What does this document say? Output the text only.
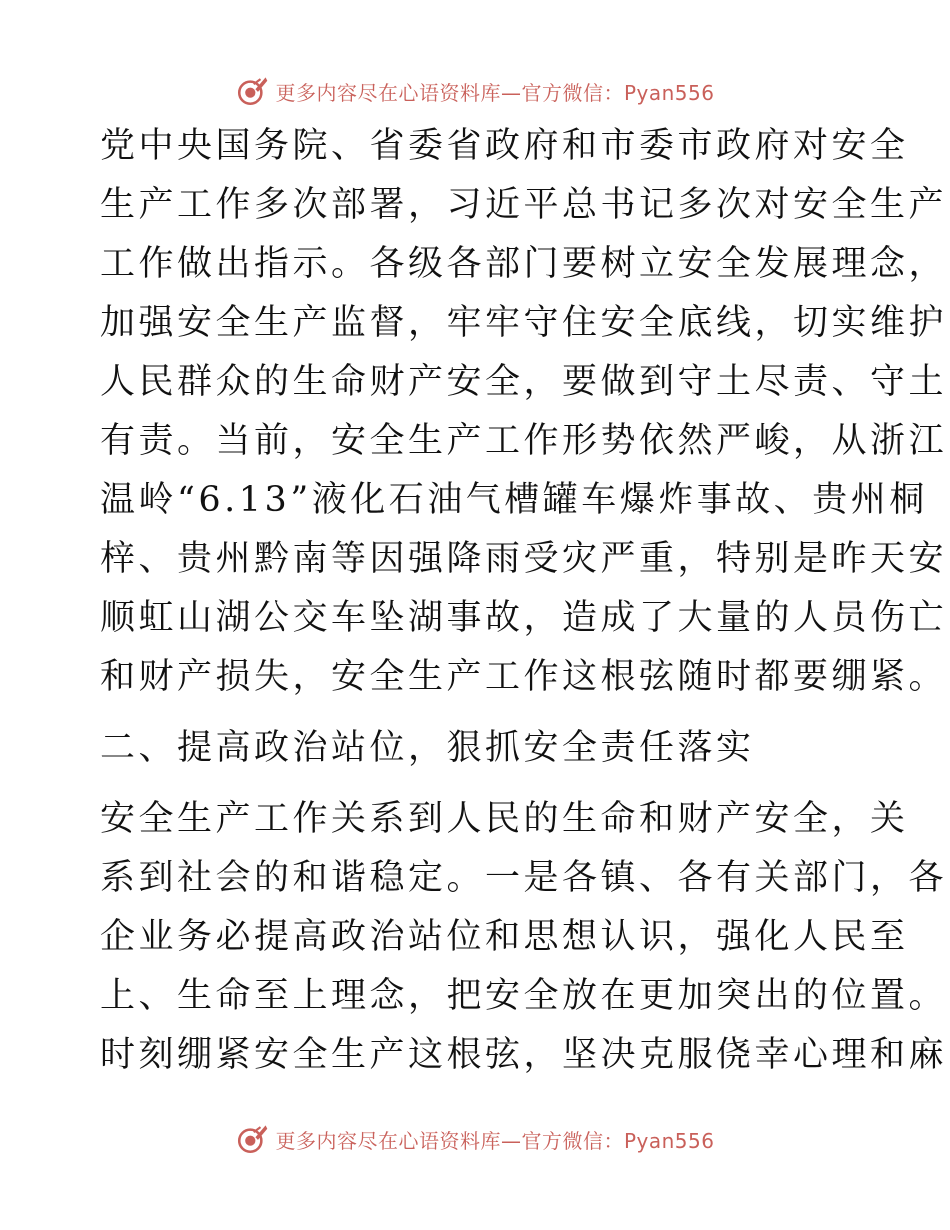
更多内容尽在心语资料库—官方微信：Pyan556
党中央国务院、省委省政府和市委市政府对安全
生产工作多次部署，习近平总书记多次对安全生产
工作做出指示。各级各部门要树立安全发展理念，
加强安全生产监督，牢牢守住安全底线，切实维护
人民群众的生命财产安全，要做到守土尽责、守土
有责。当前，安全生产工作形势依然严峻，从浙江
温岭“6.13”液化石油气槽罐车爆炸事故、贵州桐
梓、贵州黔南等因强降雨受灾严重，特别是昨天安
顺虹山湖公交车坠湖事故，造成了大量的人员伤亡
和财产损失，安全生产工作这根弦随时都要绷紧。
二、提高政治站位，狠抓安全责任落实
安全生产工作关系到人民的生命和财产安全，关
系到社会的和谐稳定。一是各镇、各有关部门，各
企业务必提高政治站位和思想认识，强化人民至
上、生命至上理念，把安全放在更加突出的位置。
时刻绷紧安全生产这根弦，坚决克服侥幸心理和麻
更多内容尽在心语资料库—官方微信：Pyan556
